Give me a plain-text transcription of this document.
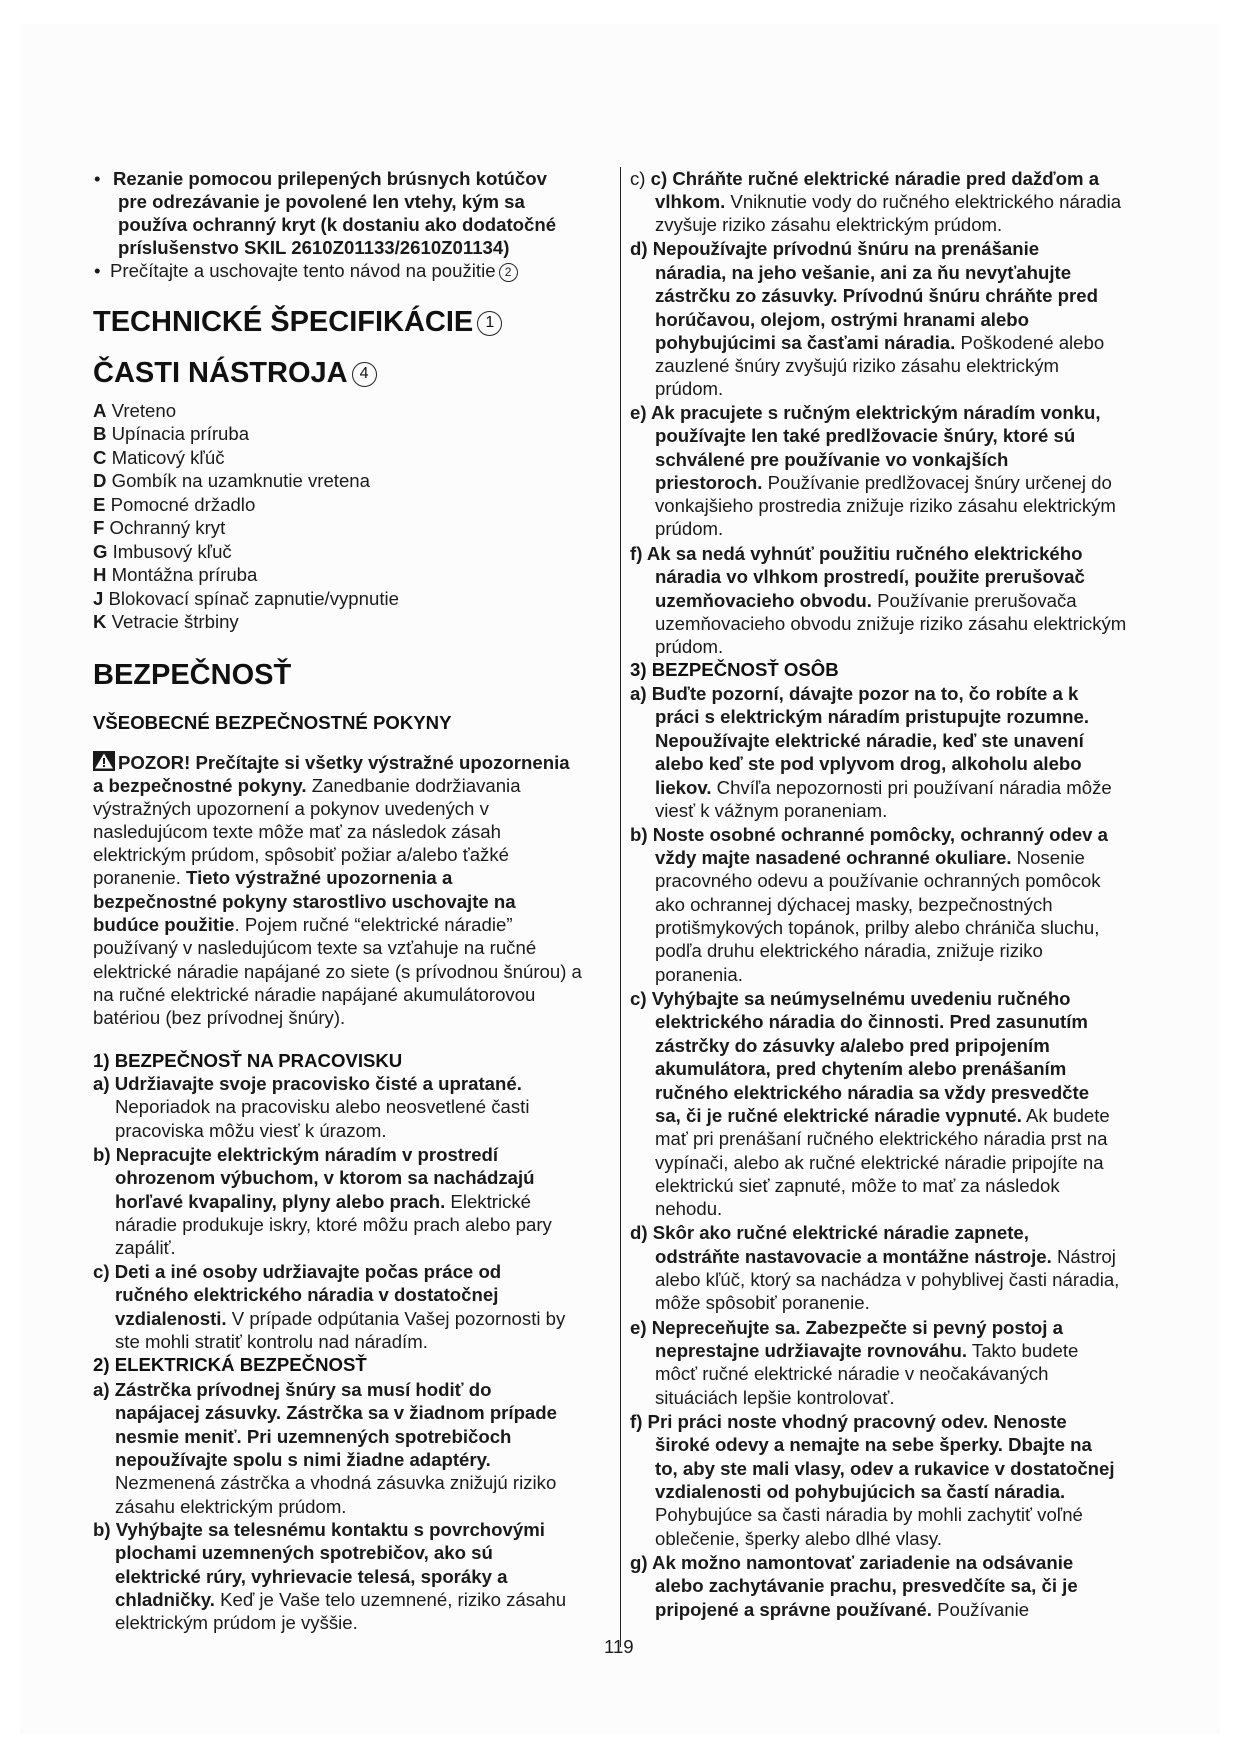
• Rezanie pomocou prilepených brúsnych kotúčov
pre odrezávanie je povolené len vtehy, kým sa
používa ochranný kryt (k dostaniu ako dodatočné
príslušenstvo SKIL 2610Z01133/2610Z01134)
• Prečítajte a uschovajte tento návod na použitie 2
TECHNICKÉ ŠPECIFIKÁCIE 1
ČASTI NÁSTROJA 4
A Vreteno
B Upínacia príruba
C Maticový kľúč
D Gombík na uzamknutie vretena
E Pomocné držadlo
F Ochranný kryt
G Imbusový kľuč
H Montážna príruba
J Blokovací spínač zapnutie/vypnutie
K Vetracie štrbiny
BEZPEČNOSŤ
VŠEOBECNÉ BEZPEČNOSTNÉ POKYNY
POZOR! Prečítajte si všetky výstražné upozornenia
a bezpečnostné pokyny. Zanedbanie dodržiavania
výstražných upozornení a pokynov uvedených v
nasledujúcom texte môže mať za následok zásah
elektrickým prúdom, spôsobiť požiar a/alebo ťažké
poranenie. Tieto výstražné upozornenia a
bezpečnostné pokyny starostlivo uschovajte na
budúce použitie. Pojem ručné “elektrické náradie”
používaný v nasledujúcom texte sa vzťahuje na ručné
elektrické náradie napájané zo siete (s prívodnou šnúrou) a
na ručné elektrické náradie napájané akumulátorovou
batériou (bez prívodnej šnúry).
1) BEZPEČNOSŤ NA PRACOVISKU
a) Udržiavajte svoje pracovisko čisté a upratané.
Neporiadok na pracovisku alebo neosvetlené časti
pracoviska môžu viesť k úrazom.
b) Nepracujte elektrickým náradím v prostredí
ohrozenom výbuchom, v ktorom sa nachádzajú
horľavé kvapaliny, plyny alebo prach. Elektrické
náradie produkuje iskry, ktoré môžu prach alebo pary
zapáliť.
c) Deti a iné osoby udržiavajte počas práce od
ručného elektrického náradia v dostatočnej
vzdialenosti. V prípade odpútania Vašej pozornosti by
ste mohli stratiť kontrolu nad náradím.
2) ELEKTRICKÁ BEZPEČNOSŤ
a) Zástrčka prívodnej šnúry sa musí hodiť do
napájacej zásuvky. Zástrčka sa v žiadnom prípade
nesmie meniť. Pri uzemnených spotrebičoch
nepoužívajte spolu s nimi žiadne adaptéry.
Nezmenená zástrčka a vhodná zásuvka znižujú riziko
zásahu elektrickým prúdom.
b) Vyhýbajte sa telesnému kontaktu s povrchovými
plochami uzemnených spotrebičov, ako sú
elektrické rúry, vyhrievacie telesá, sporáky a
chladničky. Keď je Vaše telo uzemnené, riziko zásahu
elektrickým prúdom je vyššie.
c) c) Chráňte ručné elektrické náradie pred dažďom a
vlhkom. Vniknutie vody do ručného elektrického náradia
zvyšuje riziko zásahu elektrickým prúdom.
d) Nepoužívajte prívodnú šnúru na prenášanie
náradia, na jeho vešanie, ani za ňu nevyťahujte
zástrčku zo zásuvky. Prívodnú šnúru chráňte pred
horúčavou, olejom, ostrými hranami alebo
pohybujúcimi sa časťami náradia. Poškodené alebo
zauzlené šnúry zvyšujú riziko zásahu elektrickým
prúdom.
e) Ak pracujete s ručným elektrickým náradím vonku,
používajte len také predlžovacie šnúry, ktoré sú
schválené pre používanie vo vonkajších
priestoroch. Používanie predlžovacej šnúry určenej do
vonkajšieho prostredia znižuje riziko zásahu elektrickým
prúdom.
f) Ak sa nedá vyhnúť použitiu ručného elektrického
náradia vo vlhkom prostredí, použite prerušovač
uzemňovacieho obvodu. Používanie prerušovača
uzemňovacieho obvodu znižuje riziko zásahu elektrickým
prúdom.
3) BEZPEČNOSŤ OSÔB
a) Buďte pozorní, dávajte pozor na to, čo robíte a k
práci s elektrickým náradím pristupujte rozumne.
Nepoužívajte elektrické náradie, keď ste unavení
alebo keď ste pod vplyvom drog, alkoholu alebo
liekov. Chvíľa nepozornosti pri používaní náradia môže
viesť k vážnym poraneniam.
b) Noste osobné ochranné pomôcky, ochranný odev a
vždy majte nasadené ochranné okuliare. Nosenie
pracovného odevu a používanie ochranných pomôcok
ako ochrannej dýchacej masky, bezpečnostných
protišmykových topánok, prilby alebo chrániča sluchu,
podľa druhu elektrického náradia, znižuje riziko
poranenia.
c) Vyhýbajte sa neúmyselnému uvedeniu ručného
elektrického náradia do činnosti. Pred zasunutím
zástrčky do zásuvky a/alebo pred pripojením
akumulátora, pred chytením alebo prenášaním
ručného elektrického náradia sa vždy presvedčte
sa, či je ručné elektrické náradie vypnuté. Ak budete
mať pri prenášaní ručného elektrického náradia prst na
vypínači, alebo ak ručné elektrické náradie pripojíte na
elektrickú sieť zapnuté, môže to mať za následok
nehodu.
d) Skôr ako ručné elektrické náradie zapnete,
odstráňte nastavovacie a montážne nástroje. Nástroj
alebo kľúč, ktorý sa nachádza v pohyblivej časti náradia,
môže spôsobiť poranenie.
e) Nepreceňujte sa. Zabezpečte si pevný postoj a
neprestajne udržiavajte rovnováhu. Takto budete
môcť ručné elektrické náradie v neočakávaných
situáciách lepšie kontrolovať.
f) Pri práci noste vhodný pracovný odev. Nenoste
široké odevy a nemajte na sebe šperky. Dbajte na
to, aby ste mali vlasy, odev a rukavice v dostatočnej
vzdialenosti od pohybujúcich sa častí náradia.
Pohybujúce sa časti náradia by mohli zachytiť voľné
oblečenie, šperky alebo dlhé vlasy.
g) Ak možno namontovať zariadenie na odsávanie
alebo zachytávanie prachu, presvedčíte sa, či je
pripojené a správne používané. Používanie
119
